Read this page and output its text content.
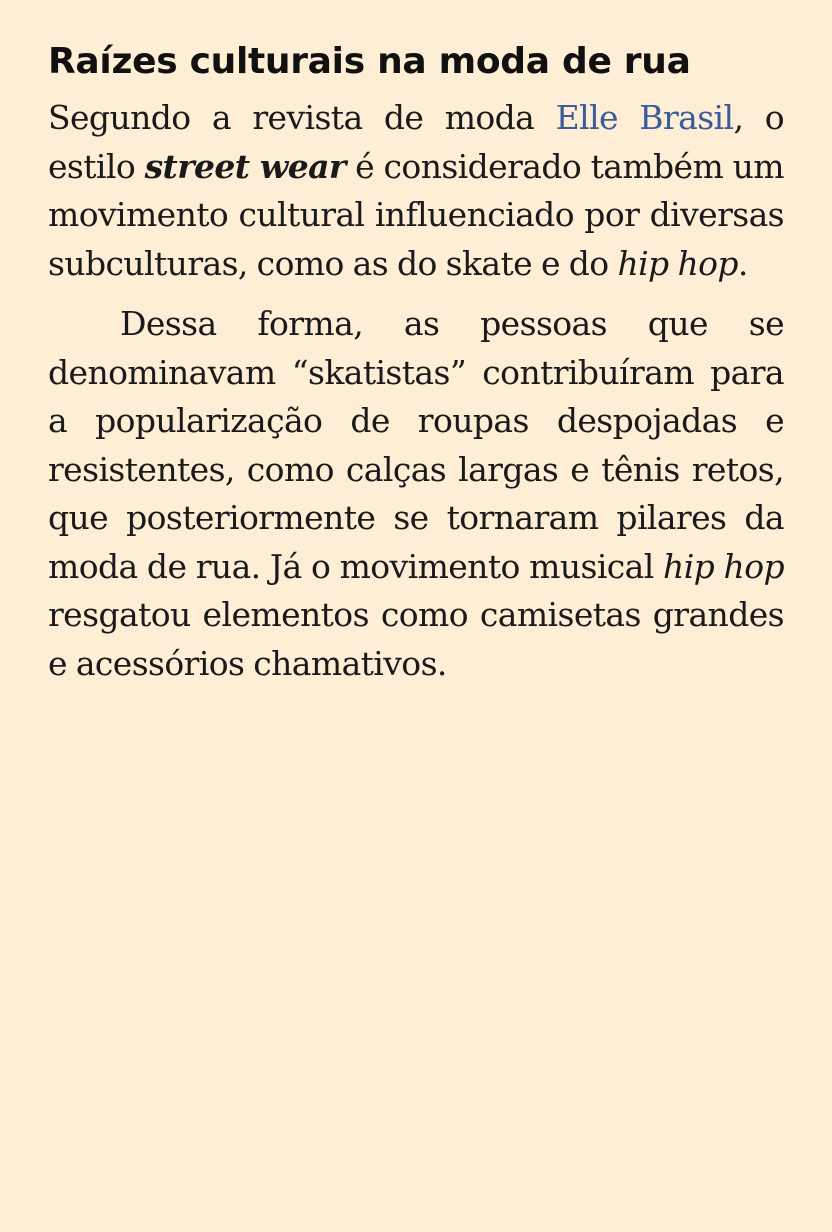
Raízes culturais na moda de rua

Segundo a revista de moda Elle Brasil, o estilo street wear é considerado também um movimento cultural influenciado por diversas subculturas, como as do skate e do hip hop.

Dessa forma, as pessoas que se denominavam “skatistas” contribuíram para a popularização de roupas despojadas e resistentes, como calças largas e tênis retos, que posteriormente se tornaram pilares da moda de rua. Já o movimento musical hip hop resgatou elementos como camisetas grandes e acessórios chamativos.
